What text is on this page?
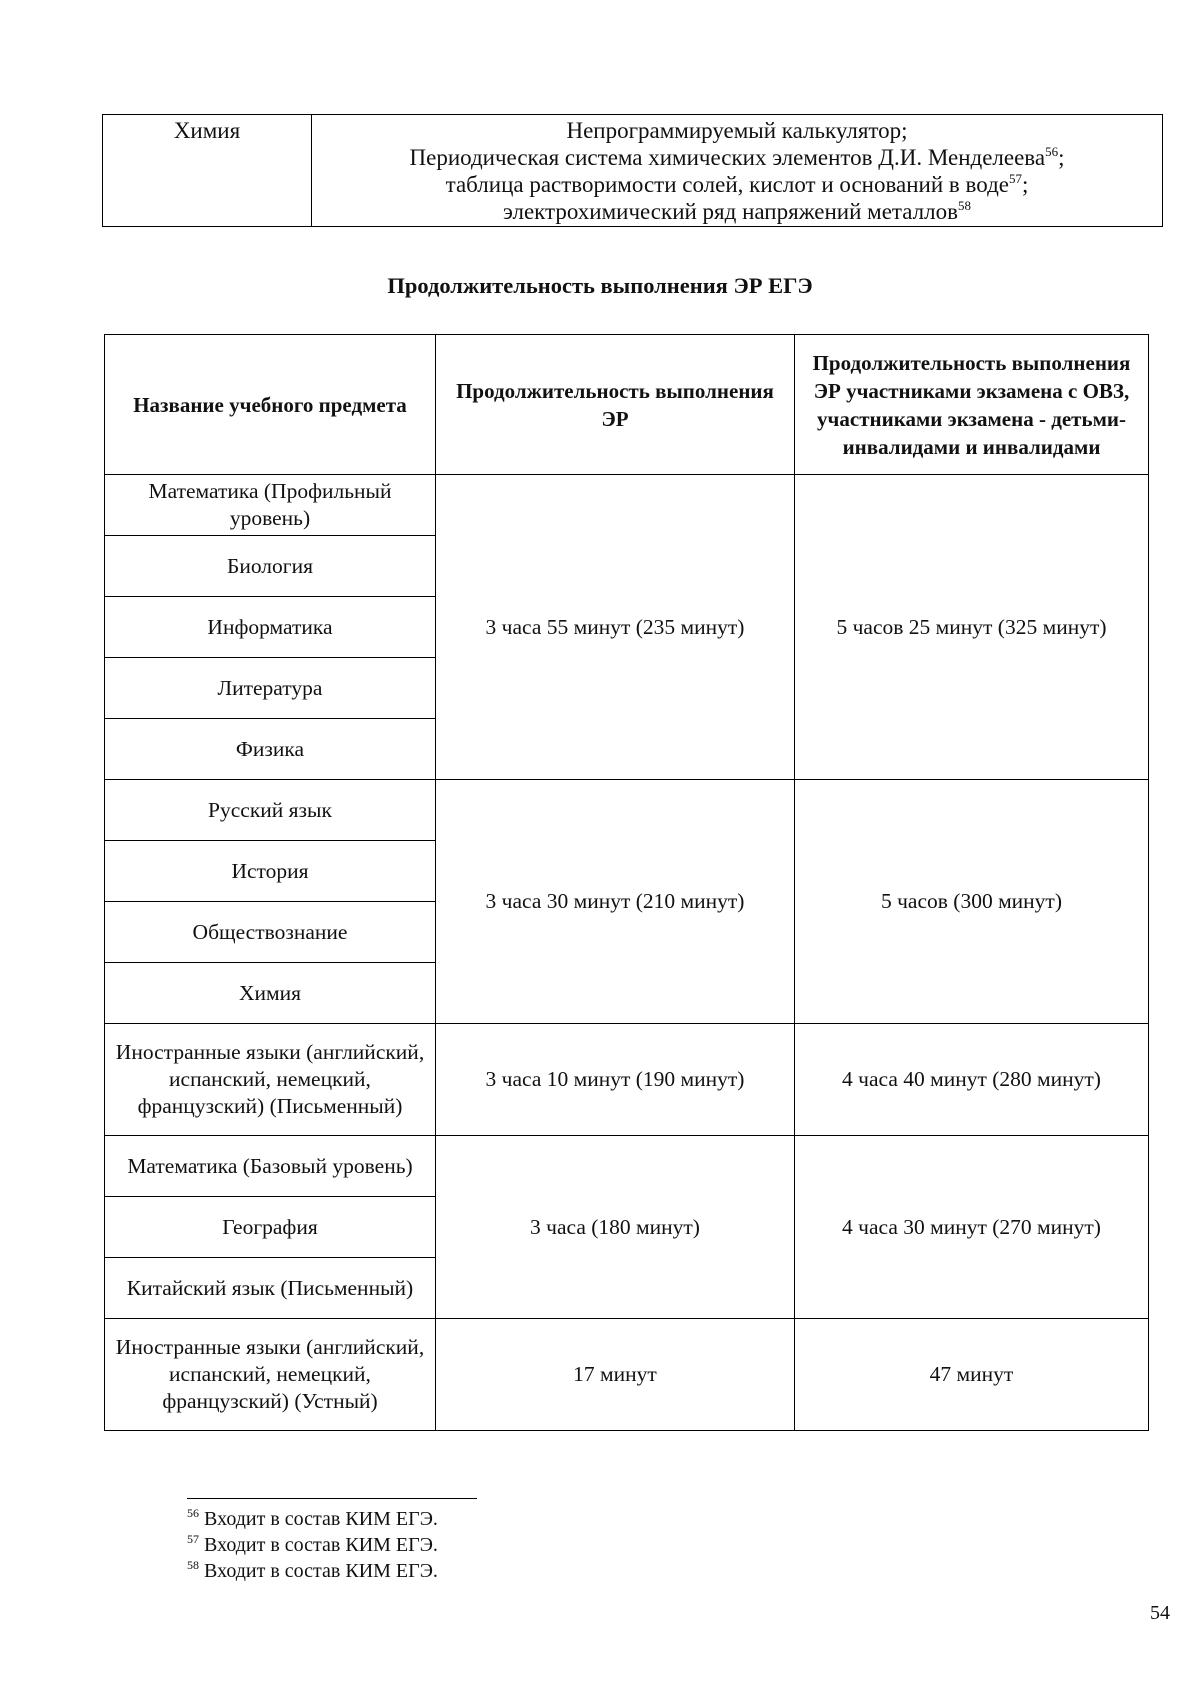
Химия	Непрограммируемый калькулятор;
Периодическая система химических элементов Д.И. Менделеева$^{56}$;
таблица растворимости солей, кислот и оснований в воде$^{57}$;
электрохимический ряд напряжений металлов$^{58}$
Продолжительность выполнения ЭР ЕГЭ
Название учебного предмета	Продолжительность выполнения ЭР	Продолжительность выполнения ЭР участниками экзамена с ОВЗ, участниками экзамена - детьми-инвалидами и инвалидами
Математика (Профильный уровень)	3 часа 55 минут (235 минут)	5 часов 25 минут (325 минут)
Биология		
Информатика		
Литература		
Физика		
Русский язык	3 часа 30 минут (210 минут)	5 часов (300 минут)
История		
Обществознание		
Химия		
Иностранные языки (английский, испанский, немецкий, французский) (Письменный)	3 часа 10 минут (190 минут)	4 часа 40 минут (280 минут)
Математика (Базовый уровень)	3 часа (180 минут)	4 часа 30 минут (270 минут)
География		
Китайский язык (Письменный)		
Иностранные языки (английский, испанский, немецкий, французский) (Устный)	17 минут	47 минут
$^{56}$ Входит в состав КИМ ЕГЭ.
$^{57}$ Входит в состав КИМ ЕГЭ.
$^{58}$ Входит в состав КИМ ЕГЭ.
54
